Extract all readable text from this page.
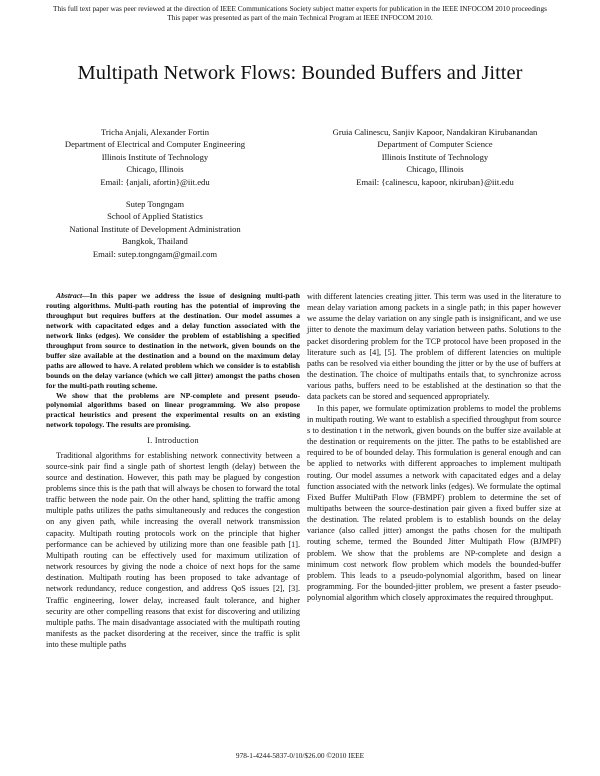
This full text paper was peer reviewed at the direction of IEEE Communications Society subject matter experts for publication in the IEEE INFOCOM 2010 proceedings
This paper was presented as part of the main Technical Program at IEEE INFOCOM 2010.
Multipath Network Flows: Bounded Buffers and Jitter
Tricha Anjali, Alexander Fortin
Department of Electrical and Computer Engineering
Illinois Institute of Technology
Chicago, Illinois
Email: {anjali, afortin}@iit.edu
Gruia Calinescu, Sanjiv Kapoor, Nandakiran Kirubanandan
Department of Computer Science
Illinois Institute of Technology
Chicago, Illinois
Email: {calinescu, kapoor, nkiruban}@iit.edu
Sutep Tongngam
School of Applied Statistics
National Institute of Development Administration
Bangkok, Thailand
Email: sutep.tongngam@gmail.com

Abstract—In this paper we address the issue of designing multi-path routing algorithms. Multi-path routing has the potential of improving the throughput but requires buffers at the destination. Our model assumes a network with capacitated edges and a delay function associated with the network links (edges). We consider the problem of establishing a specified throughput from source to destination in the network, given bounds on the buffer size available at the destination and a bound on the maximum delay paths are allowed to have. A related problem which we consider is to establish bounds on the delay variance (which we call jitter) amongst the paths chosen for the multi-path routing scheme.

We show that the problems are NP-complete and present pseudo-polynomial algorithms based on linear programming. We also propose practical heuristics and present the experimental results on an existing network topology. The results are promising.

I. Introduction

Traditional algorithms for establishing network connectivity between a source-sink pair find a single path of shortest length (delay) between the source and destination. However, this path may be plagued by congestion problems since this is the path that will always be chosen to forward the total traffic between the node pair. On the other hand, splitting the traffic among multiple paths utilizes the paths simultaneously and reduces the congestion on any given path, while increasing the overall network transmission capacity. Multipath routing protocols work on the principle that higher performance can be achieved by utilizing more than one feasible path [1]. Multipath routing can be effectively used for maximum utilization of network resources by giving the node a choice of next hops for the same destination. Multipath routing has been proposed to take advantage of network redundancy, reduce congestion, and address QoS issues [2], [3]. Traffic engineering, lower delay, increased fault tolerance, and higher security are other compelling reasons that exist for discovering and utilizing multiple paths. The main disadvantage associated with the multipath routing manifests as the packet disordering at the receiver, since the traffic is split into these multiple paths

with different latencies creating jitter. This term was used in the literature to mean delay variation among packets in a single path; in this paper however we assume the delay variation on any single path is insignificant, and we use jitter to denote the maximum delay variation between paths. Solutions to the packet disordering problem for the TCP protocol have been proposed in the literature such as [4], [5]. The problem of different latencies on multiple paths can be resolved via either bounding the jitter or by the use of buffers at the destination. The choice of multipaths entails that, to synchronize across various paths, buffers need to be established at the destination so that the data packets can be stored and sequenced appropriately.

In this paper, we formulate optimization problems to model the problems in multipath routing. We want to establish a specified throughput from source s to destination t in the network, given bounds on the buffer size available at the destination or requirements on the jitter. The paths to be established are required to be of bounded delay. This formulation is general enough and can be applied to networks with different approaches to implement multipath routing. Our model assumes a network with capacitated edges and a delay function associated with the network links (edges). We formulate the optimal Fixed Buffer MultiPath Flow (FBMPF) problem to determine the set of multipaths between the source-destination pair given a fixed buffer size at the destination. The related problem is to establish bounds on the delay variance (also called jitter) amongst the paths chosen for the multipath routing scheme, termed the Bounded Jitter Multipath Flow (BJMPF) problem. We show that the problems are NP-complete and design a minimum cost network flow problem which models the bounded-buffer problem. This leads to a pseudo-polynomial algorithm, based on linear programming. For the bounded-jitter problem, we present a faster pseudo-polynomial algorithm which closely approximates the required throughput.

978-1-4244-5837-0/10/$26.00 ©2010 IEEE
